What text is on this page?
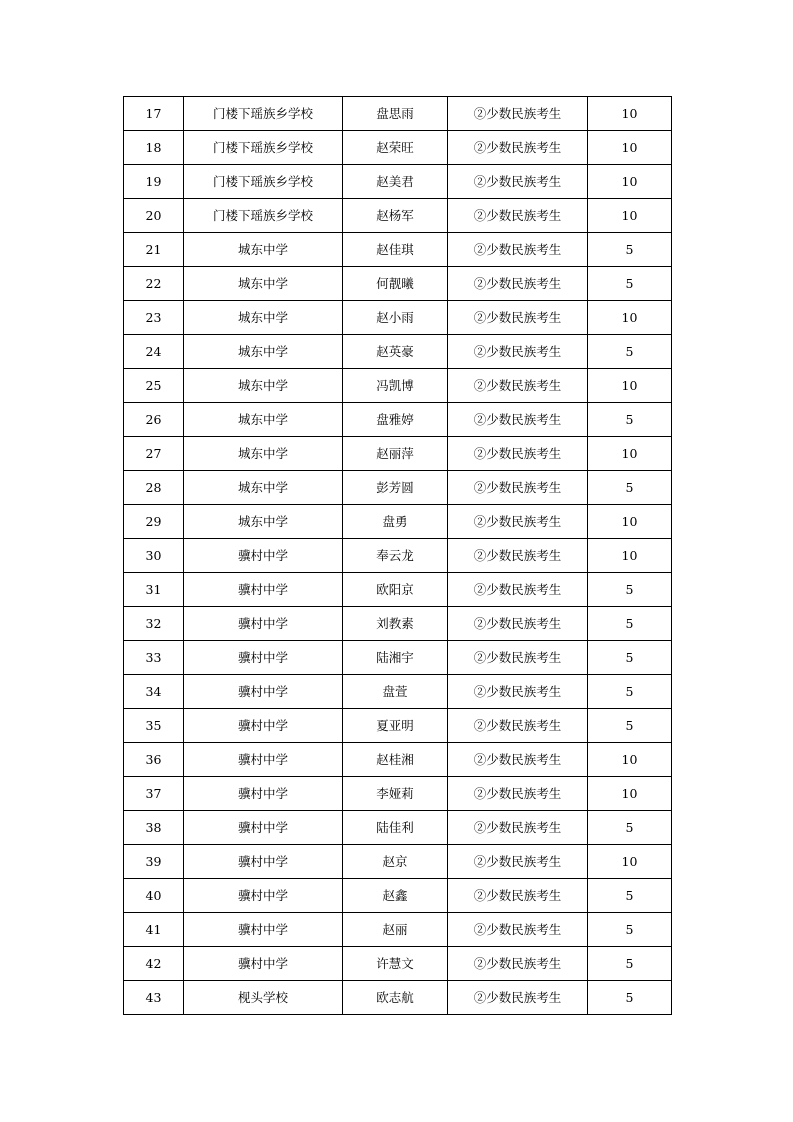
17	门楼下瑶族乡学校	盘思雨	②少数民族考生	10
18	门楼下瑶族乡学校	赵荣旺	②少数民族考生	10
19	门楼下瑶族乡学校	赵美君	②少数民族考生	10
20	门楼下瑶族乡学校	赵杨军	②少数民族考生	10
21	城东中学	赵佳琪	②少数民族考生	5
22	城东中学	何靓曦	②少数民族考生	5
23	城东中学	赵小雨	②少数民族考生	10
24	城东中学	赵英豪	②少数民族考生	5
25	城东中学	冯凯博	②少数民族考生	10
26	城东中学	盘雅婷	②少数民族考生	5
27	城东中学	赵丽萍	②少数民族考生	10
28	城东中学	彭芳圆	②少数民族考生	5
29	城东中学	盘勇	②少数民族考生	10
30	骥村中学	奉云龙	②少数民族考生	10
31	骥村中学	欧阳京	②少数民族考生	5
32	骥村中学	刘教素	②少数民族考生	5
33	骥村中学	陆湘宇	②少数民族考生	5
34	骥村中学	盘萱	②少数民族考生	5
35	骥村中学	夏亚明	②少数民族考生	5
36	骥村中学	赵桂湘	②少数民族考生	10
37	骥村中学	李娅莉	②少数民族考生	10
38	骥村中学	陆佳利	②少数民族考生	5
39	骥村中学	赵京	②少数民族考生	10
40	骥村中学	赵鑫	②少数民族考生	5
41	骥村中学	赵丽	②少数民族考生	5
42	骥村中学	许慧文	②少数民族考生	5
43	枧头学校	欧志航	②少数民族考生	5
